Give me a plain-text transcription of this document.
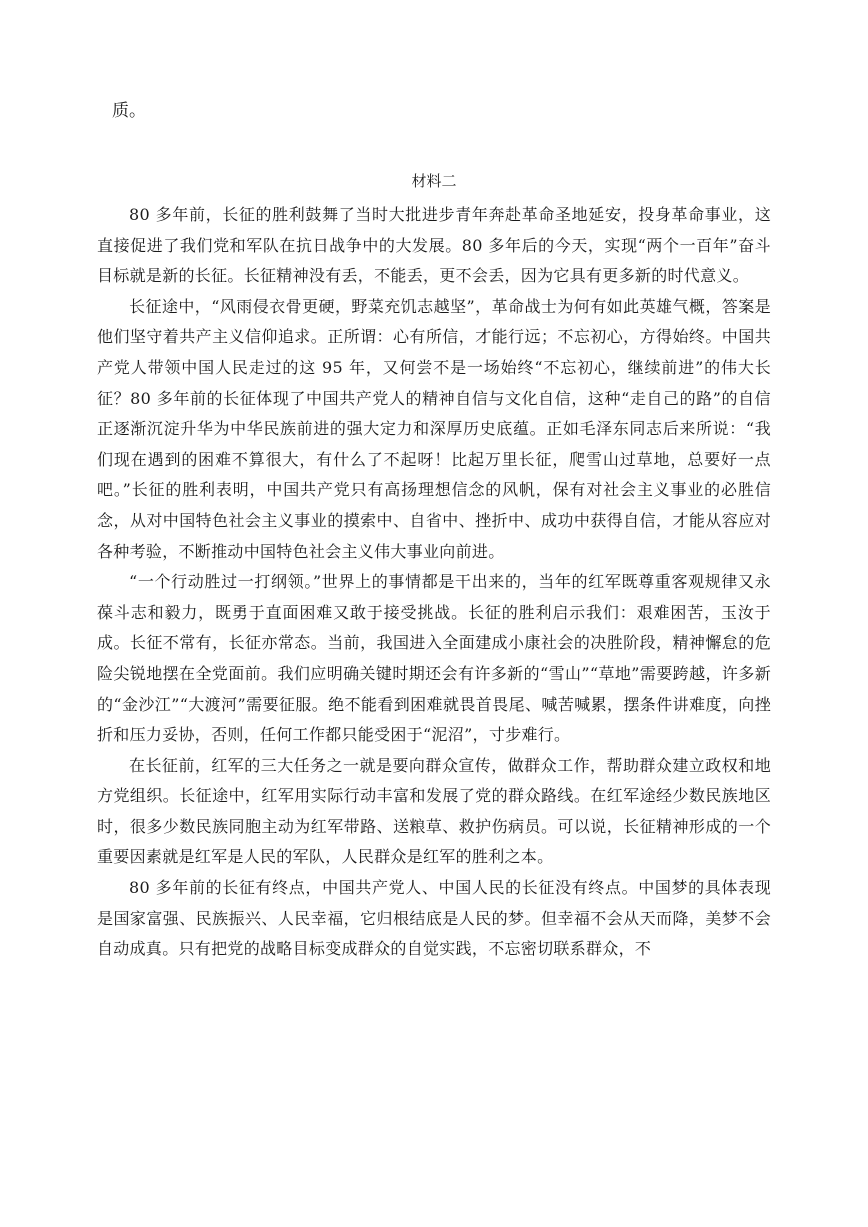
质。

材料二

80 多年前，长征的胜利鼓舞了当时大批进步青年奔赴革命圣地延安，投身革命事业，这直接促进了我们党和军队在抗日战争中的大发展。80 多年后的今天，实现“两个一百年”奋斗目标就是新的长征。长征精神没有丢，不能丢，更不会丢，因为它具有更多新的时代意义。

长征途中，“风雨侵衣骨更硬，野菜充饥志越坚”，革命战士为何有如此英雄气概，答案是他们坚守着共产主义信仰追求。正所谓：心有所信，才能行远；不忘初心，方得始终。中国共产党人带领中国人民走过的这 95 年，又何尝不是一场始终“不忘初心，继续前进”的伟大长征？80 多年前的长征体现了中国共产党人的精神自信与文化自信，这种“走自己的路”的自信正逐渐沉淀升华为中华民族前进的强大定力和深厚历史底蕴。正如毛泽东同志后来所说：“我们现在遇到的困难不算很大，有什么了不起呀！比起万里长征，爬雪山过草地，总要好一点吧。”长征的胜利表明，中国共产党只有高扬理想信念的风帆，保有对社会主义事业的必胜信念，从对中国特色社会主义事业的摸索中、自省中、挫折中、成功中获得自信，才能从容应对各种考验，不断推动中国特色社会主义伟大事业向前进。

“一个行动胜过一打纲领。”世界上的事情都是干出来的，当年的红军既尊重客观规律又永葆斗志和毅力，既勇于直面困难又敢于接受挑战。长征的胜利启示我们：艰难困苦，玉汝于成。长征不常有，长征亦常态。当前，我国进入全面建成小康社会的决胜阶段，精神懈怠的危险尖锐地摆在全党面前。我们应明确关键时期还会有许多新的“雪山”“草地”需要跨越，许多新的“金沙江”“大渡河”需要征服。绝不能看到困难就畏首畏尾、喊苦喊累，摆条件讲难度，向挫折和压力妥协，否则，任何工作都只能受困于“泥沼”，寸步难行。

在长征前，红军的三大任务之一就是要向群众宣传，做群众工作，帮助群众建立政权和地方党组织。长征途中，红军用实际行动丰富和发展了党的群众路线。在红军途经少数民族地区时，很多少数民族同胞主动为红军带路、送粮草、救护伤病员。可以说，长征精神形成的一个重要因素就是红军是人民的军队，人民群众是红军的胜利之本。

80 多年前的长征有终点，中国共产党人、中国人民的长征没有终点。中国梦的具体表现是国家富强、民族振兴、人民幸福，它归根结底是人民的梦。但幸福不会从天而降，美梦不会自动成真。只有把党的战略目标变成群众的自觉实践，不忘密切联系群众，不
